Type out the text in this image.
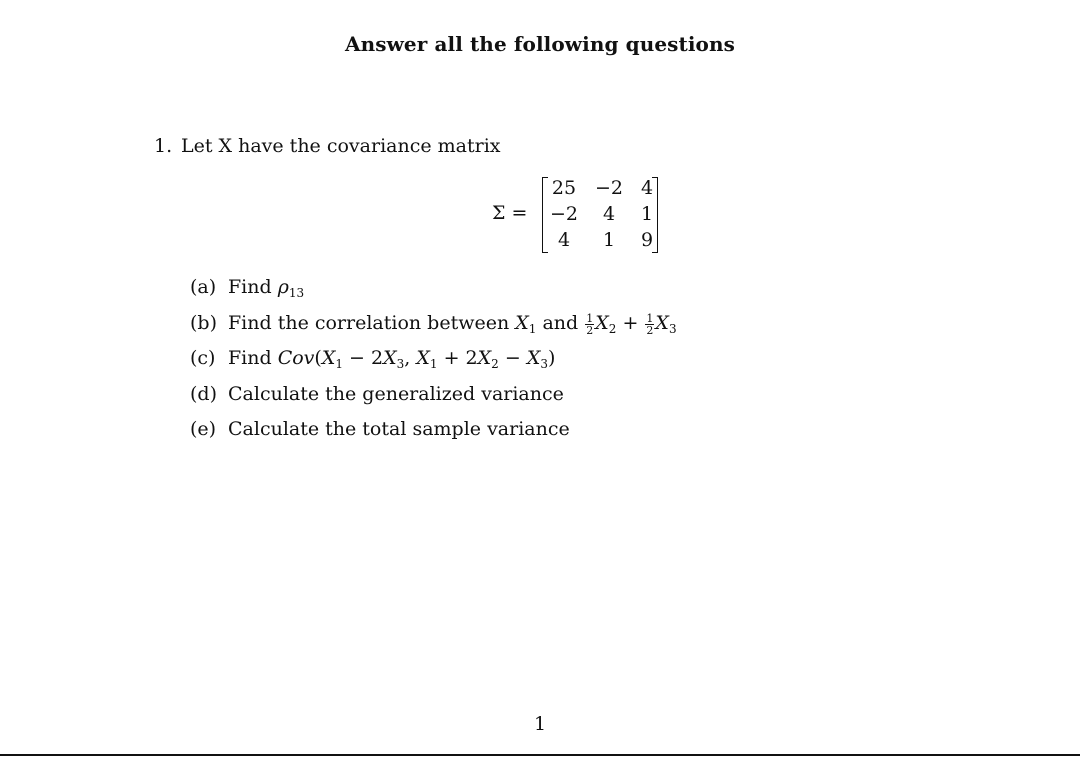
Answer all the following questions
1. Let X have the covariance matrix
Σ =
25 −2 4
−2	4	1
4	1	9
(a) Find $\rho_{13}$
(b) Find the correlation between $X_1$ and $\frac{1}{2} X_2 + \frac{1}{2} X_3$
(c) Find $Cov(X_1 - 2X_3$, $X_1 + 2X_2 - X_3$)
(d) Calculate the generalized variance
(e) Calculate the total sample variance
1
